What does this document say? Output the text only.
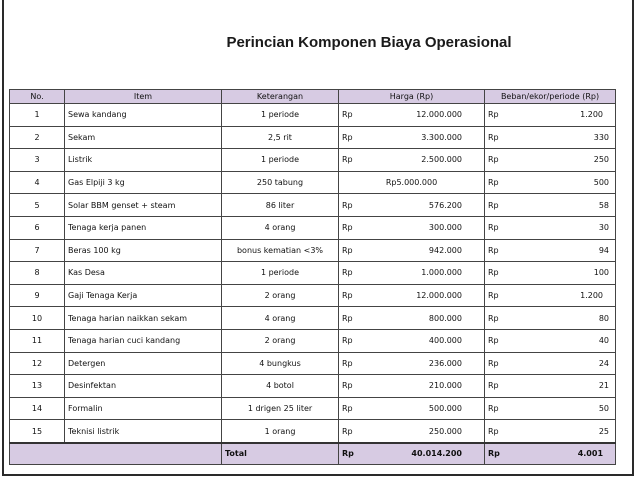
Perincian Komponen Biaya Operasional
No.	Item	Keterangan	Harga (Rp)		Beban/ekor/periode (Rp)	
1	Sewa kandang	1 periode	Rp	12.000.000	Rp	1.200
2	Sekam	2,5 rit	Rp	3.300.000	Rp	330
3	Listrik	1 periode	Rp	2.500.000	Rp	250
4	Gas Elpiji 3 kg	250 tabung	Rp5.000.000		Rp	500
5	Solar BBM genset + steam	86 liter	Rp	576.200	Rp	58
6	Tenaga kerja panen	4 orang	Rp	300.000	Rp	30
7	Beras 100 kg	bonus kematian <3%	Rp	942.000	Rp	94
8	Kas Desa	1 periode	Rp	1.000.000	Rp	100
9	Gaji Tenaga Kerja	2 orang	Rp	12.000.000	Rp	1.200
10	Tenaga harian naikkan sekam	4 orang	Rp	800.000	Rp	80
11	Tenaga harian cuci kandang	2 orang	Rp	400.000	Rp	40
12	Detergen	4 bungkus	Rp	236.000	Rp	24
13	Desinfektan	4 botol	Rp	210.000	Rp	21
14	Formalin	1 drigen 25 liter	Rp	500.000	Rp	50
15	Teknisi listrik	1 orang	Rp	250.000	Rp	25
		Total	Rp	40.014.200	Rp	4.001
